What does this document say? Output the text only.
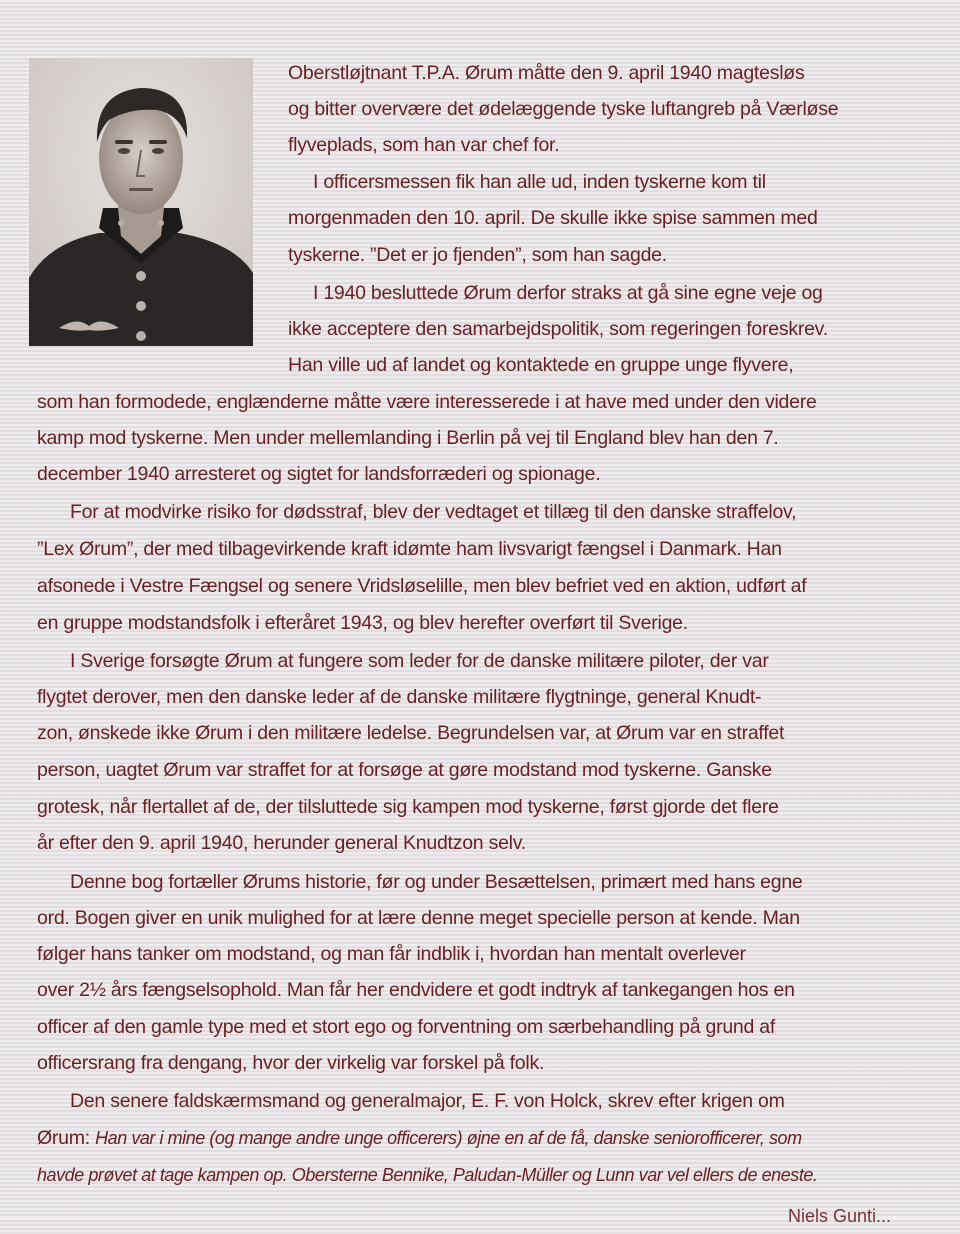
Oberstløjtnant T.P.A. Ørum måtte den 9. april 1940 magtesløs
og bitter overvære det ødelæggende tyske luftangreb på Værløse
flyveplads, som han var chef for.
I officersmessen fik han alle ud, inden tyskerne kom til
morgenmaden den 10. april. De skulle ikke spise sammen med
tyskerne. ”Det er jo fjenden”, som han sagde.
I 1940 besluttede Ørum derfor straks at gå sine egne veje og
ikke acceptere den samarbejdspolitik, som regeringen foreskrev.
Han ville ud af landet og kontaktede en gruppe unge flyvere,
som han formodede, englænderne måtte være interesserede i at have med under den videre
kamp mod tyskerne. Men under mellemlanding i Berlin på vej til England blev han den 7.
december 1940 arresteret og sigtet for landsforræderi og spionage.
For at modvirke risiko for dødsstraf, blev der vedtaget et tillæg til den danske straffelov,
”Lex Ørum”, der med tilbagevirkende kraft idømte ham livsvarigt fængsel i Danmark. Han
afsonede i Vestre Fængsel og senere Vridsløselille, men blev befriet ved en aktion, udført af
en gruppe modstandsfolk i efteråret 1943, og blev herefter overført til Sverige.
I Sverige forsøgte Ørum at fungere som leder for de danske militære piloter, der var
flygtet derover, men den danske leder af de danske militære flygtninge, general Knudt-
zon, ønskede ikke Ørum i den militære ledelse. Begrundelsen var, at Ørum var en straffet
person, uagtet Ørum var straffet for at forsøge at gøre modstand mod tyskerne. Ganske
grotesk, når flertallet af de, der tilsluttede sig kampen mod tyskerne, først gjorde det flere
år efter den 9. april 1940, herunder general Knudtzon selv.
Denne bog fortæller Ørums historie, før og under Besættelsen, primært med hans egne
ord. Bogen giver en unik mulighed for at lære denne meget specielle person at kende. Man
følger hans tanker om modstand, og man får indblik i, hvordan han mentalt overlever
over 2½ års fængselsophold. Man får her endvidere et godt indtryk af tankegangen hos en
officer af den gamle type med et stort ego og forventning om særbehandling på grund af
officersrang fra dengang, hvor der virkelig var forskel på folk.
Den senere faldskærmsmand og generalmajor, E. F. von Holck, skrev efter krigen om
Ørum: Han var i mine (og mange andre unge officerers) øjne en af de få, danske seniorofficerer, som
havde prøvet at tage kampen op. Obersterne Bennike, Paludan-Müller og Lunn var vel ellers de eneste.
Niels Gunti...
